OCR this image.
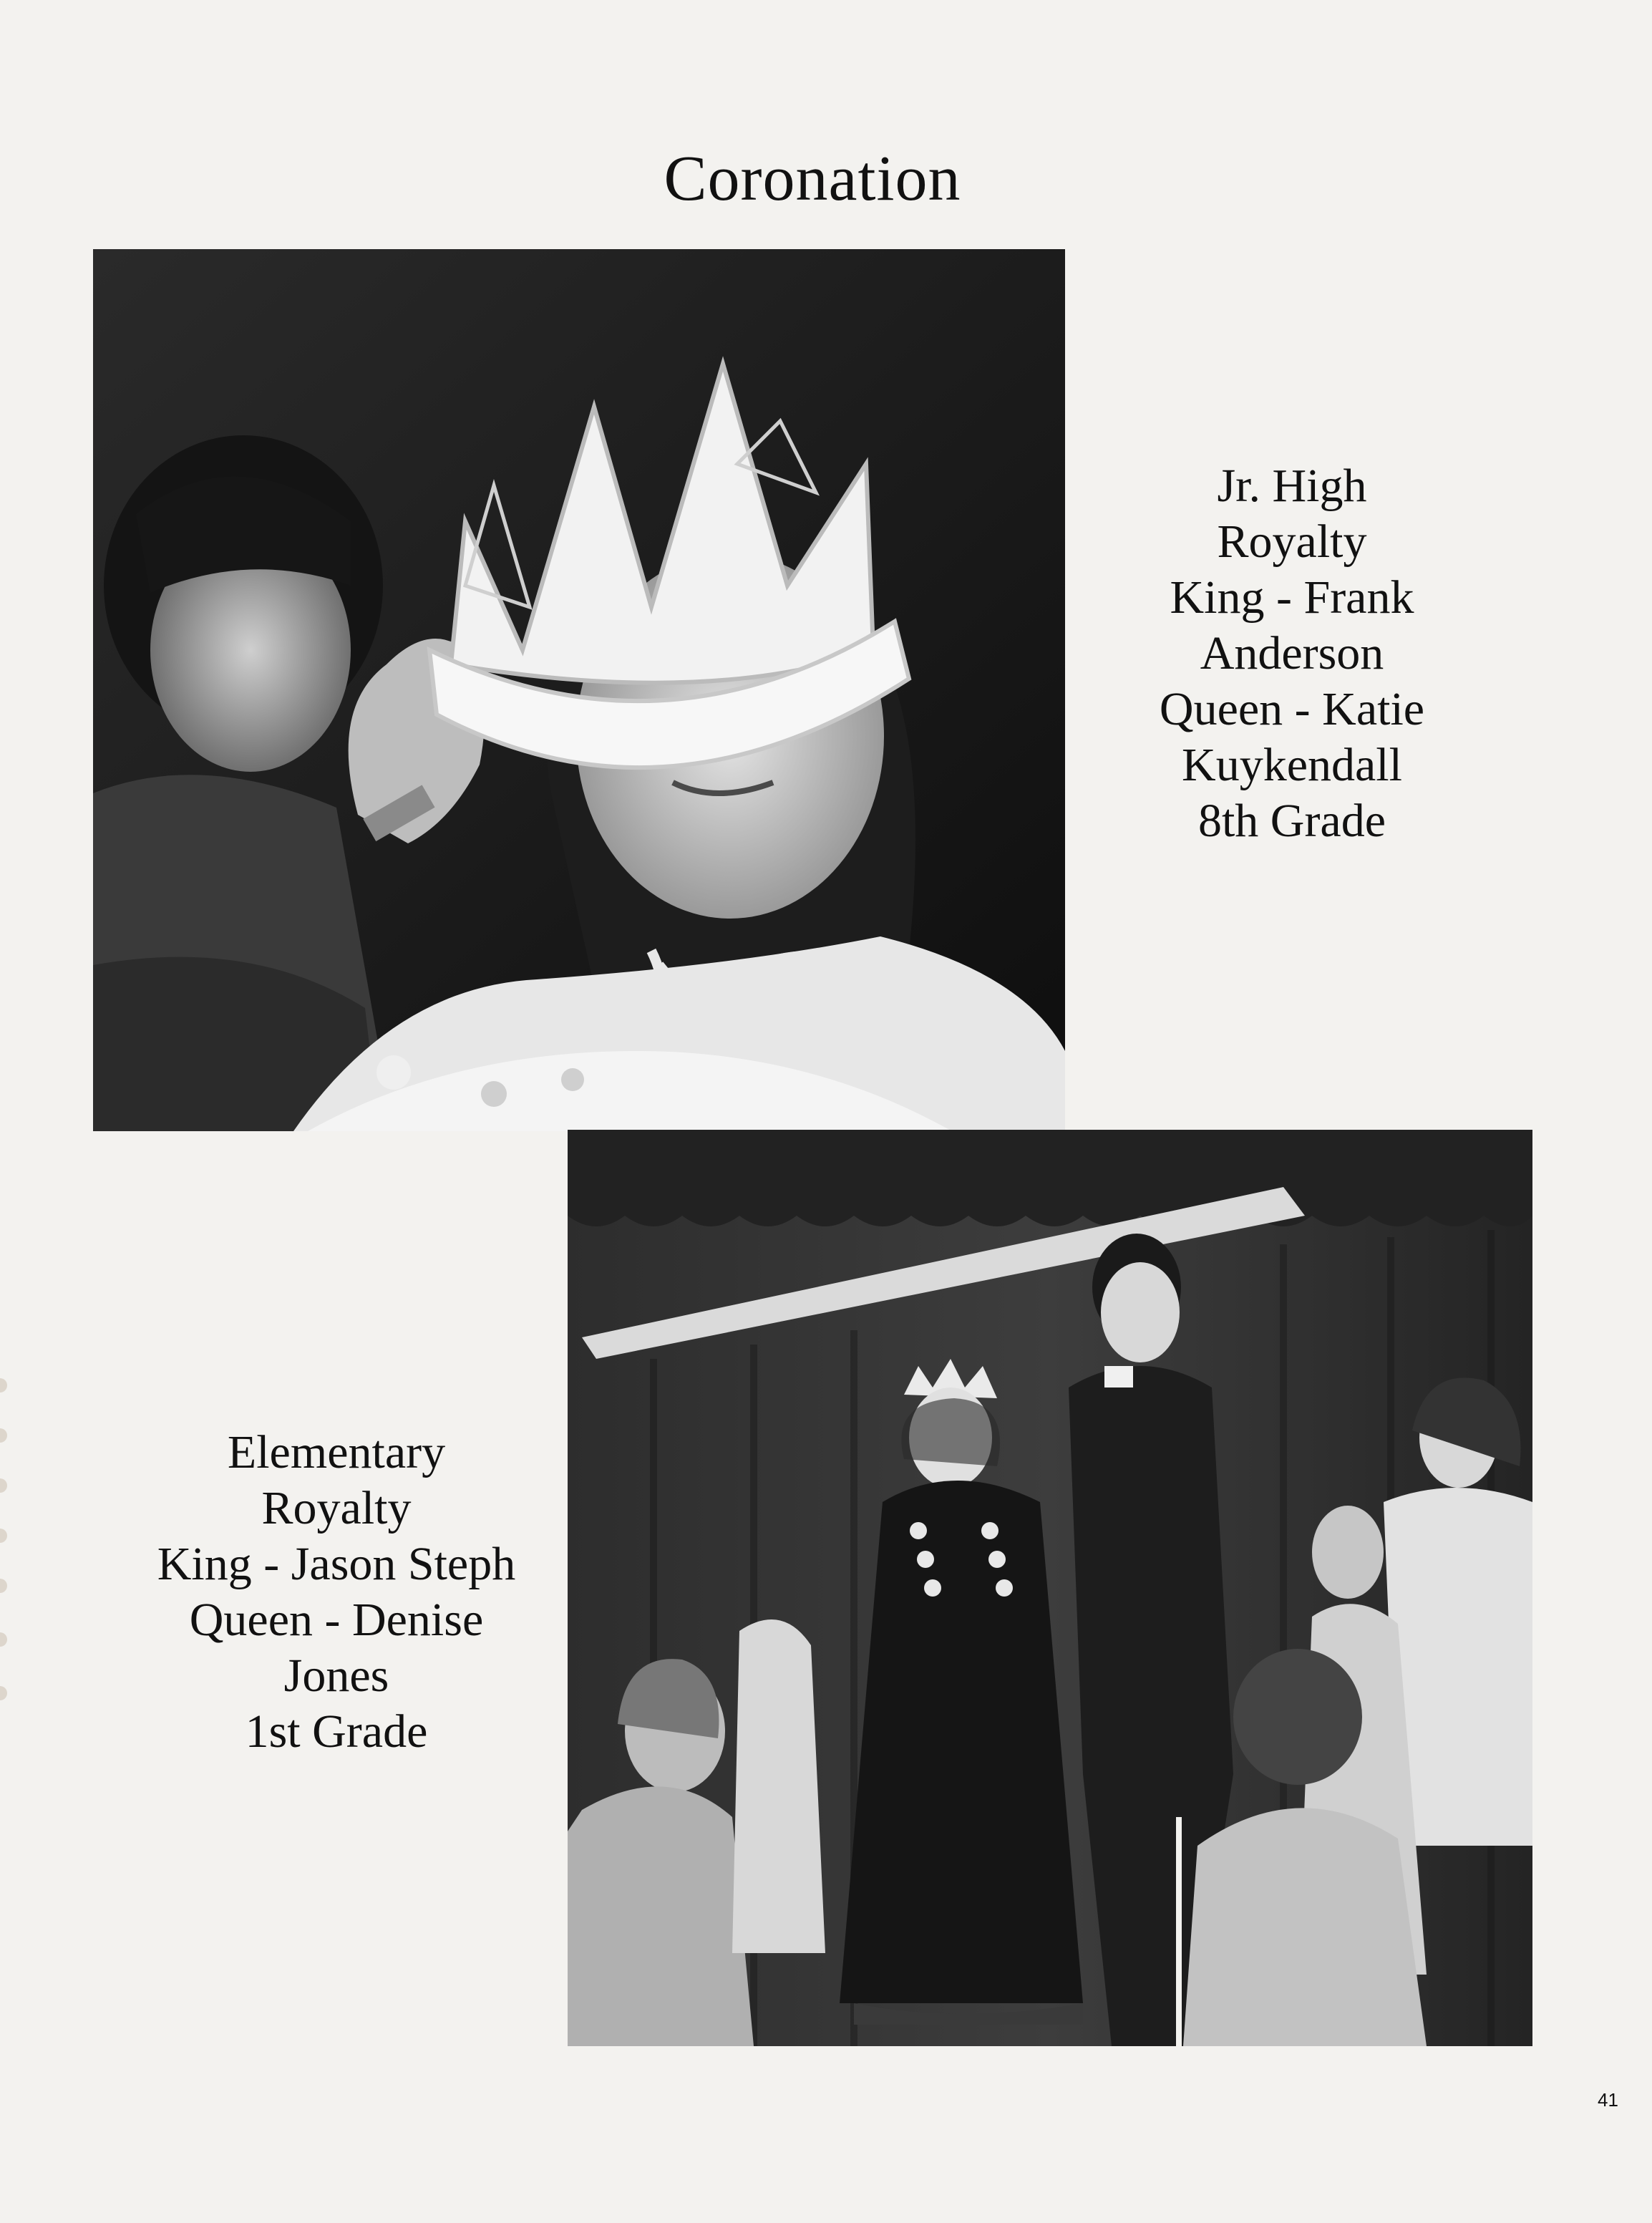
Coronation
Jr. High
Royalty
King - Frank
Anderson
Queen - Katie
Kuykendall
8th Grade
Elementary
Royalty
King - Jason Steph
Queen - Denise
Jones
1st Grade
41
